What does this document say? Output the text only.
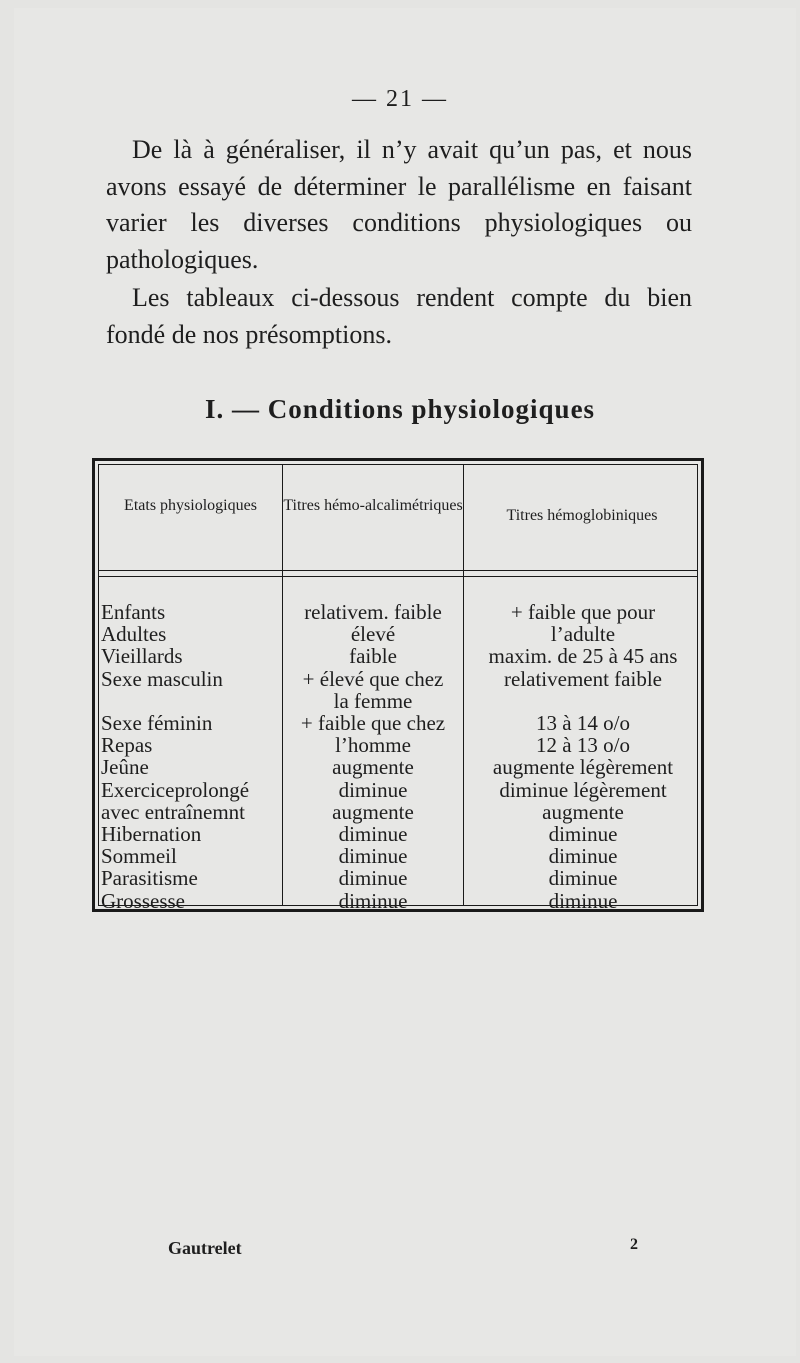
— 21 —

De là à généraliser, il n’y avait qu’un pas, et nous avons essayé de déterminer le parallélisme en faisant varier les diverses conditions physiologiques ou pathologiques.

Les tableaux ci-dessous rendent compte du bien fondé de nos présomptions.

I. — Conditions physiologiques
Etats physiologiques	Titres hémo-alcalimétriques
Titres hémoglobiniques
Enfants
Adultes
Vieillards
Sexe masculin

Sexe féminin
Repas
Jeûne
Exerciceprolongé
avec entraînemnt
Hibernation
Sommeil
Parasitisme
Grossesse
relativem. faible
élevé
faible
+ élevé que chez
la femme
+ faible que chez
l’homme
augmente
diminue
augmente
diminue
diminue
diminue
diminue
+ faible que pour
l’adulte
maxim. de 25 à 45 ans
relativement faible

13 à 14 o/o
12 à 13 o/o
augmente légèrement
diminue légèrement
augmente
diminue
diminue
diminue
diminue
Gautrelet	2
